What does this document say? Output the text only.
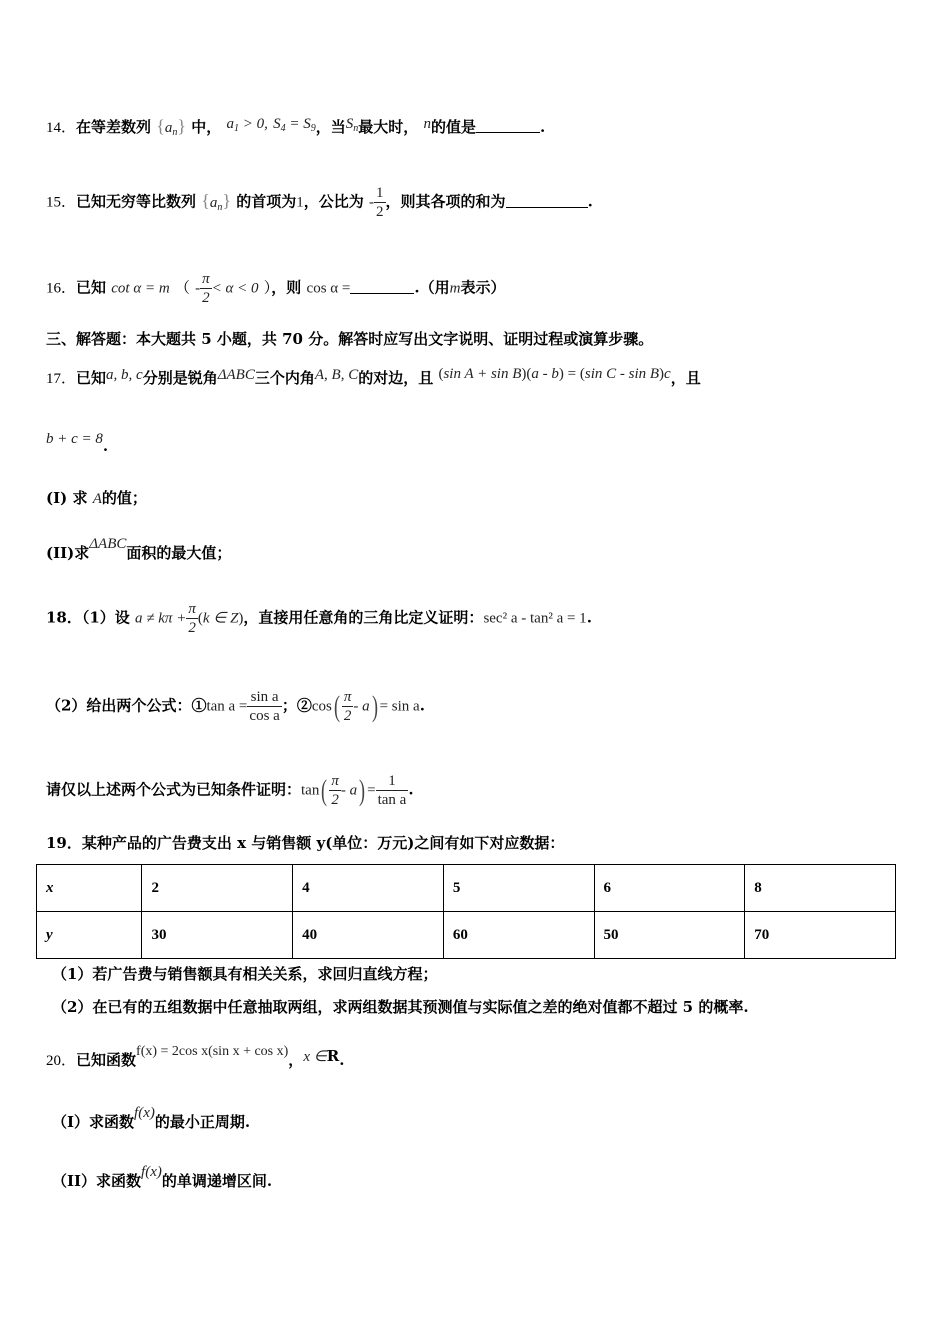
14．在等差数列 $\{a_n\}$ 中， $a_1 > 0$, $S_4 = S_9$，当$S_n$最大时， n的值是	.
15．已知无穷等比数列 $\{a_n\}$ 的首项为1，公比为 - $\frac{1}{2}$ ，则其各项的和为	.
16．已知 cot α = m （ - $\frac{\pi}{2} < \alpha < 0$ ），则 cos α =	.（用m表示）
三、解答题：本大题共 5 小题，共 70 分。解答时应写出文字说明、证明过程或演算步骤。
17．已知a, b, c分别是锐角ΔABC三个内角A, B, C的对边，且 (sin A + sin B)(a - b) = (sin C - sin B)c，且
b + c = 8.
(I) 求 A的值；
(II)求ΔABC面积的最大值；
18．（1）设 $a \ne k\pi + \frac{\pi}{2} (k$ ∈ Z)，直接用任意角的三角比定义证明：sec² a - tan² a = 1.
（2）给出两个公式：①tan $a = \frac{\text{sin a}}{\text{cos a}}$ ；②cos( $\frac{\pi}{2} - a) = \sin a$.
请仅以上述两个公式为已知条件证明：$\tan( \frac{\pi}{2} - a) = \frac{1}{\text{tan a}}$ .
19．某种产品的广告费支出 x 与销售额 y(单位：万元)之间有如下对应数据：
x	2	4	5	6	8
y	30	40	60	50	70
（1）若广告费与销售额具有相关关系，求回归直线方程；
（2）在已有的五组数据中任意抽取两组，求两组数据其预测值与实际值之差的绝对值都不超过 5 的概率.
20．已知函数f(x) = 2cos x(sin x + cos x)，x ∈R.
（I）求函数f(x)的最小正周期.
（II）求函数f(x)的单调递增区间.
